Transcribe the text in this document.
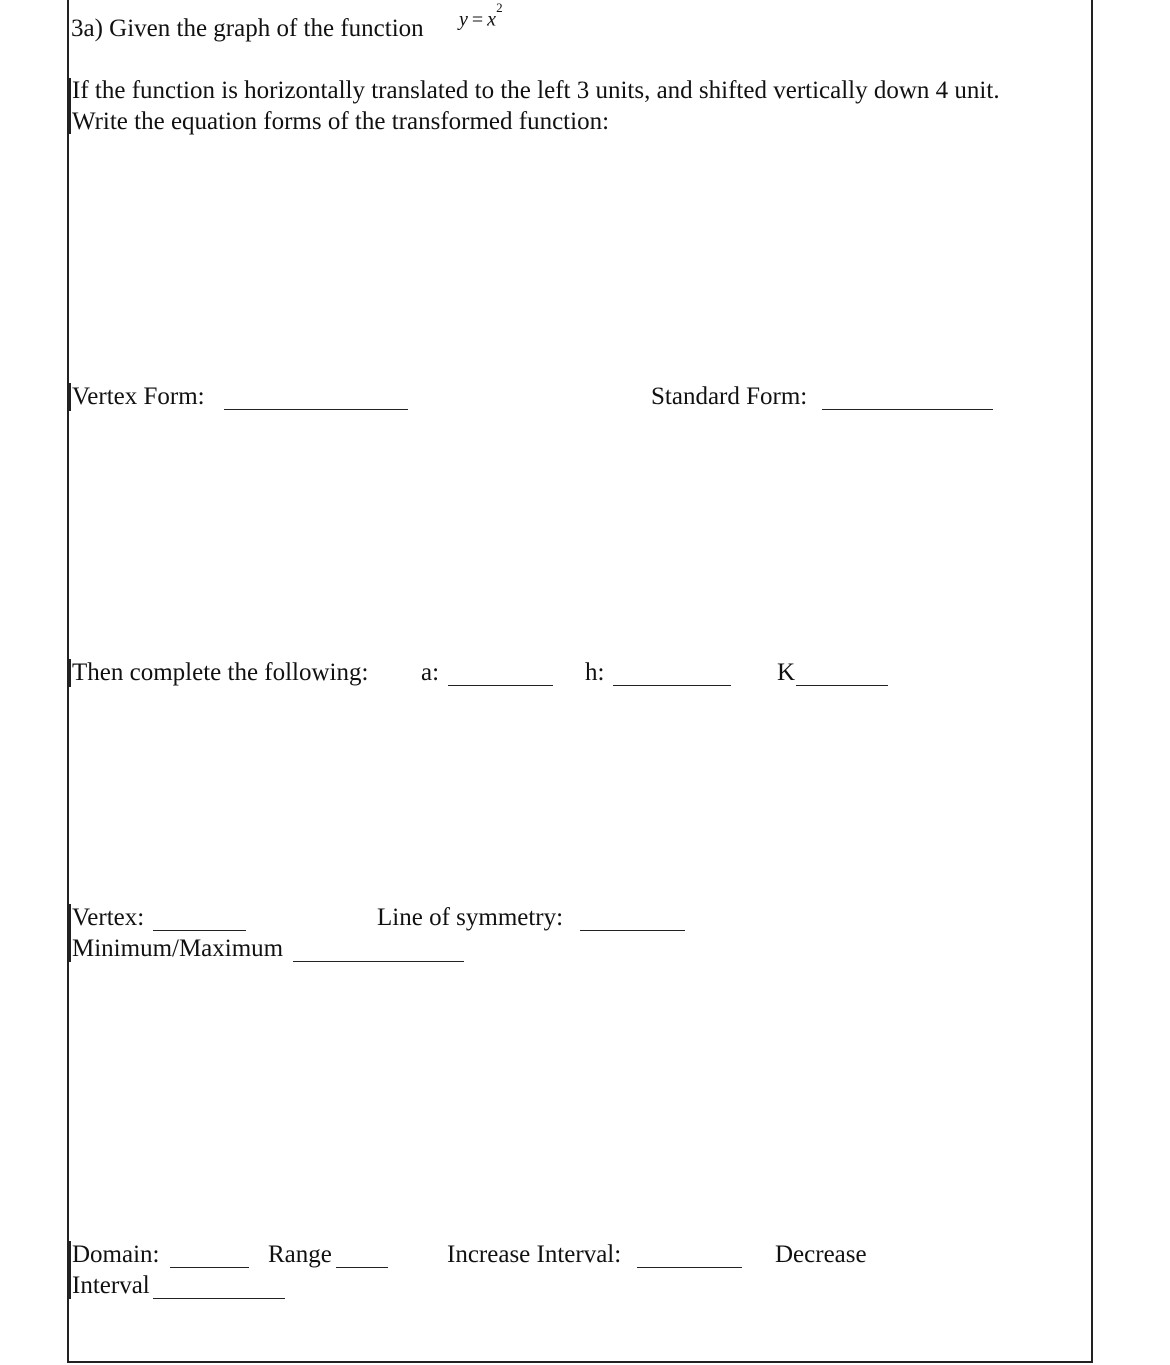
3a) Given the graph of the function $y = x^2$
If the function is horizontally translated to the left 3 units, and shifted vertically down 4 unit.
Write the equation forms of the transformed function:
Vertex Form:	Standard Form:
Then complete the following: a:	h:	K
Vertex:	Line of symmetry:
Minimum/Maximum
Domain:	Range	Increase Interval:	Decrease
Interval
